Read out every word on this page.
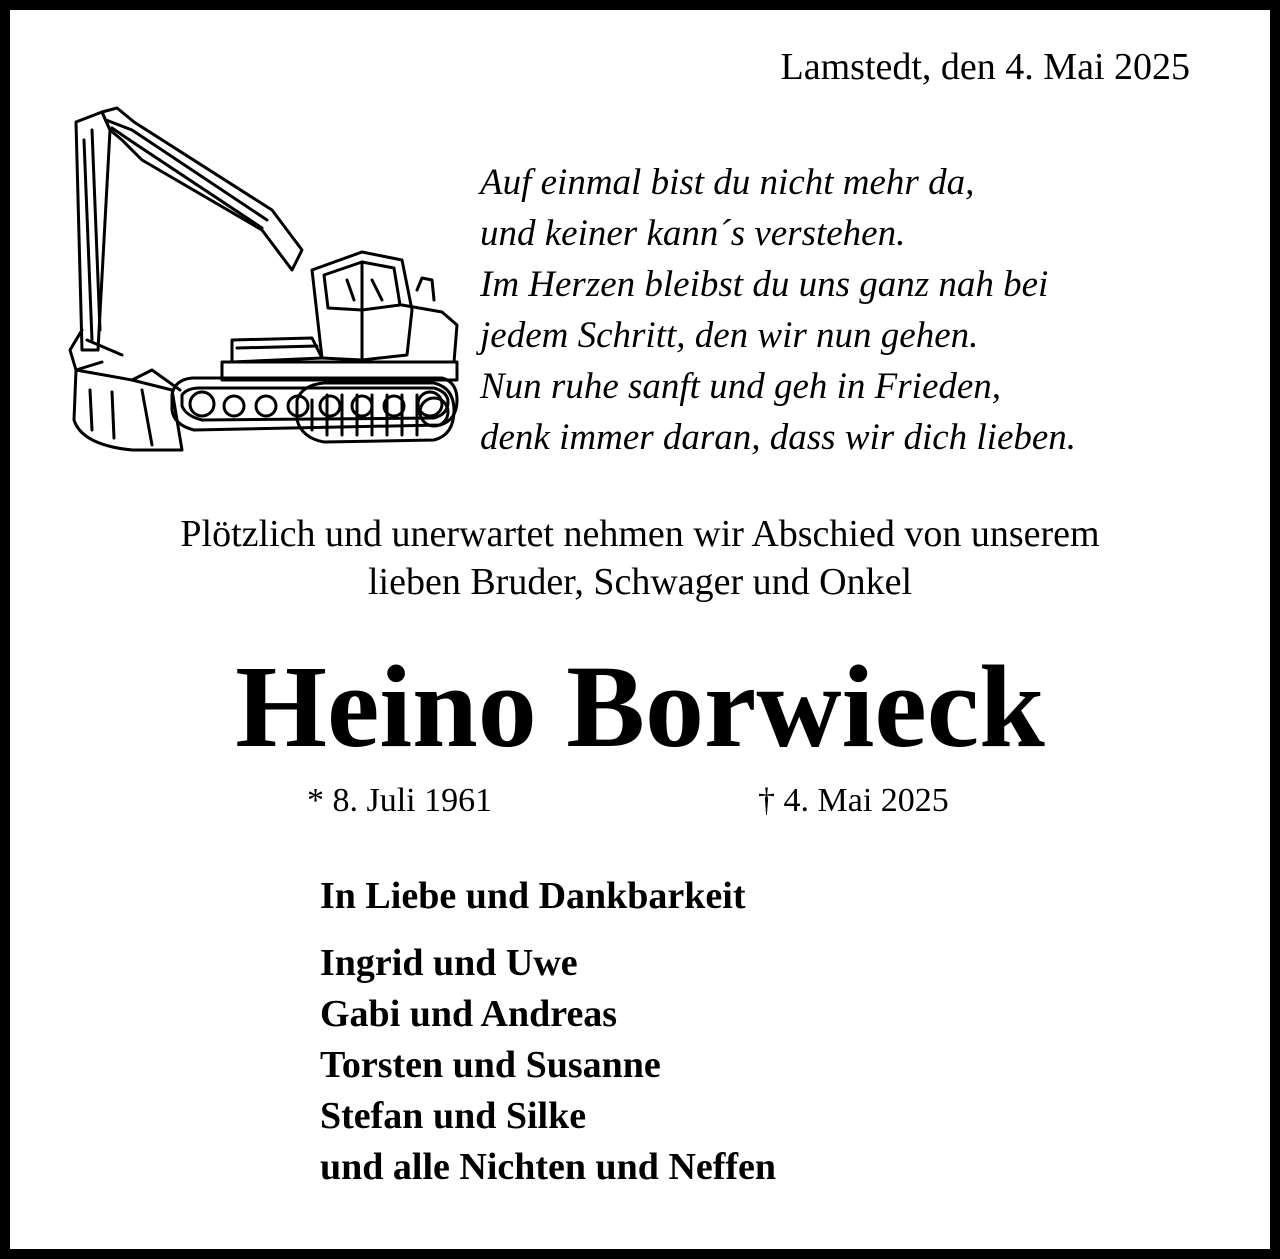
Lamstedt, den 4. Mai 2025
Auf einmal bist du nicht mehr da,
und keiner kann´s verstehen.
Im Herzen bleibst du uns ganz nah bei
jedem Schritt, den wir nun gehen.
Nun ruhe sanft und geh in Frieden,
denk immer daran, dass wir dich lieben.
Plötzlich und unerwartet nehmen wir Abschied von unserem
lieben Bruder, Schwager und Onkel
Heino Borwieck
* 8. Juli 1961	† 4. Mai 2025
In Liebe und Dankbarkeit
Ingrid und Uwe
Gabi und Andreas
Torsten und Susanne
Stefan und Silke
und alle Nichten und Neffen
